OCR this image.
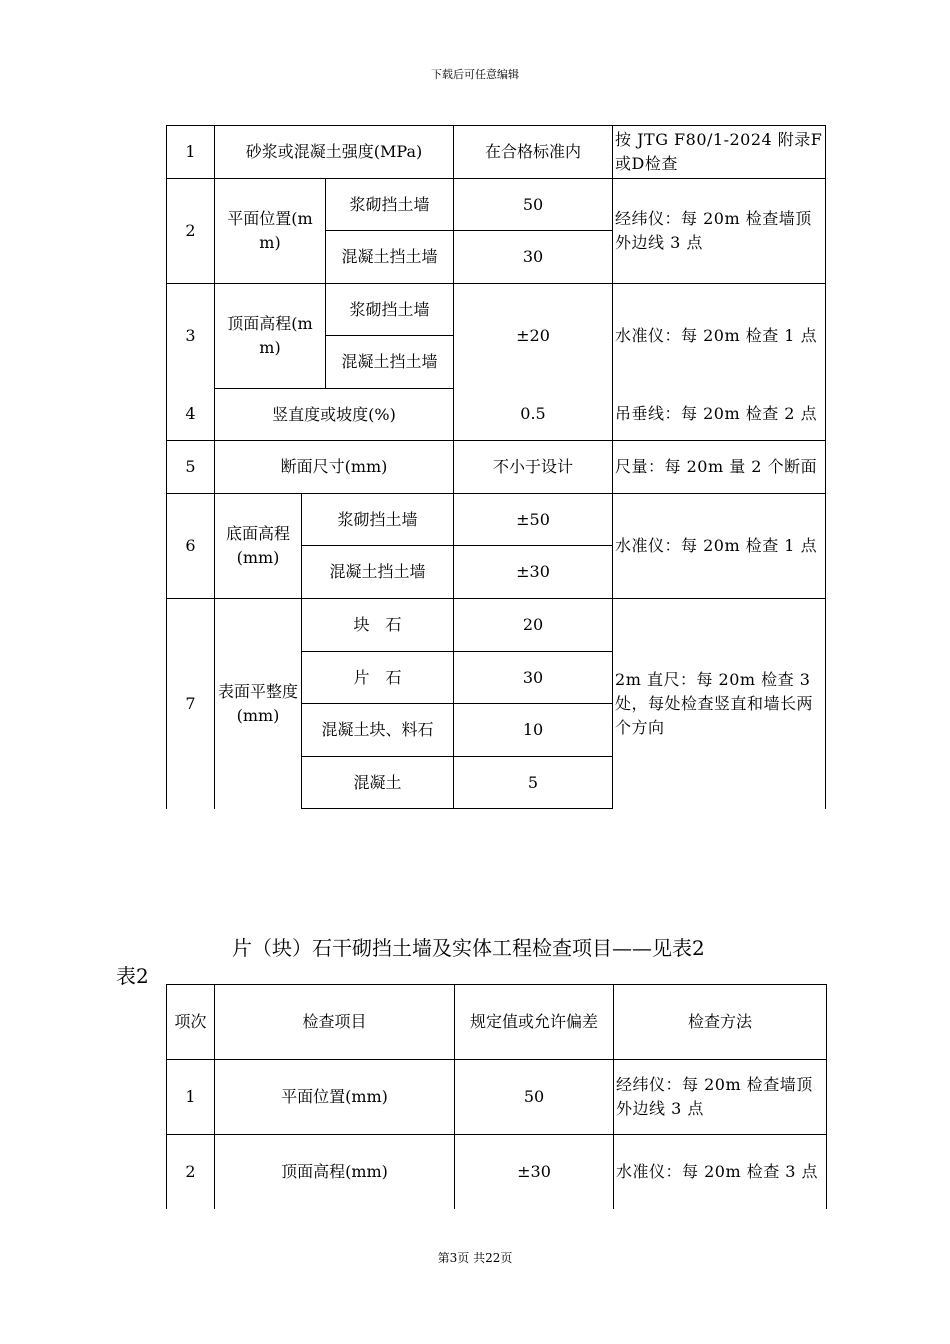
下载后可任意编辑
1	砂浆或混凝土强度(MPa)			在合格标准内	按 JTG F80/1-2024 附录F或D检查
2	平面位置(mm)		浆砌挡土墙	50	经纬仪：每 20m 检查墙顶外边线 3 点
			混凝土挡土墙	30	
3	顶面高程(mm)		浆砌挡土墙	±20	水准仪：每 20m 检查 1 点
			混凝土挡土墙		
4	竖直度或坡度(%)			0.5	吊垂线：每 20m 检查 2 点
5	断面尺寸(mm)			不小于设计	尺量：每 20m 量 2 个断面
6	底面高程(mm)	浆砌挡土墙		±50	水准仪：每 20m 检查 1 点
		混凝土挡土墙		±30	
7	表面平整度(mm)	块　石		20	2m 直尺：每 20m 检查 3 处，每处检查竖直和墙长两个方向
		片　石		30	
		混凝土块、料石		10	
		混凝土		5	
片（块）石干砌挡土墙及实体工程检查项目——见表2
表2
项次	检查项目	规定值或允许偏差	检查方法
1	平面位置(mm)	50	经纬仪：每 20m 检查墙顶外边线 3 点
2	顶面高程(mm)	±30	水准仪：每 20m 检查 3 点
第3页 共22页
